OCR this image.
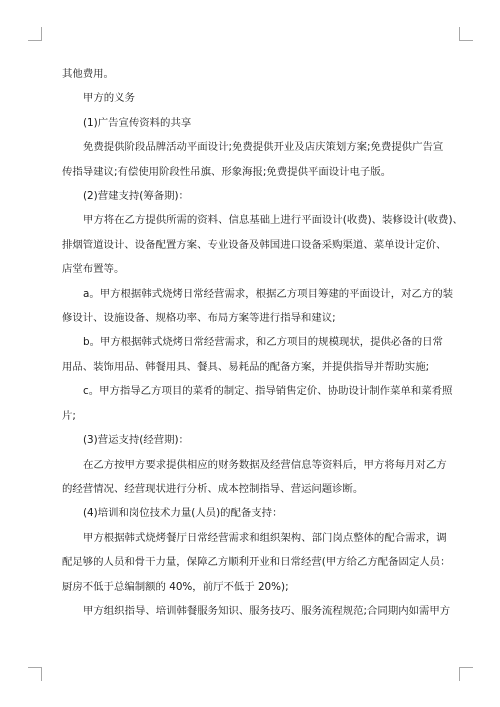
其他费用。

甲方的义务

(1)广告宣传资料的共享

免费提供阶段品牌活动平面设计;免费提供开业及店庆策划方案;免费提供广告宣

传指导建议;有偿使用阶段性吊旗、形象海报;免费提供平面设计电子版。

(2)营建支持(筹备期)：

甲方将在乙方提供所需的资料、信息基础上进行平面设计(收费)、装修设计(收费)、

排烟管道设计、设备配置方案、专业设备及韩国进口设备采购渠道、菜单设计定价、

店堂布置等。

a。甲方根据韩式烧烤日常经营需求，根据乙方项目筹建的平面设计，对乙方的装

修设计、设施设备、规格功率、布局方案等进行指导和建议;

b。甲方根据韩式烧烤日常经营需求，和乙方项目的规模现状，提供必备的日常

用品、装饰用品、韩餐用具、餐具、易耗品的配备方案，并提供指导并帮助实施;

c。甲方指导乙方项目的菜肴的制定、指导销售定价、协助设计制作菜单和菜肴照

片;

(3)营运支持(经营期)：

在乙方按甲方要求提供相应的财务数据及经营信息等资料后，甲方将每月对乙方

的经营情况、经营现状进行分析、成本控制指导、营运问题诊断。

(4)培训和岗位技术力量(人员)的配备支持：

甲方根据韩式烧烤餐厅日常经营需求和组织架构、部门岗点整体的配合需求，调

配足够的人员和骨干力量，保障乙方顺利开业和日常经营(甲方给乙方配备固定人员：

厨房不低于总编制额的 40%，前厅不低于 20%);

甲方组织指导、培训韩餐服务知识、服务技巧、服务流程规范;合同期内如需甲方
